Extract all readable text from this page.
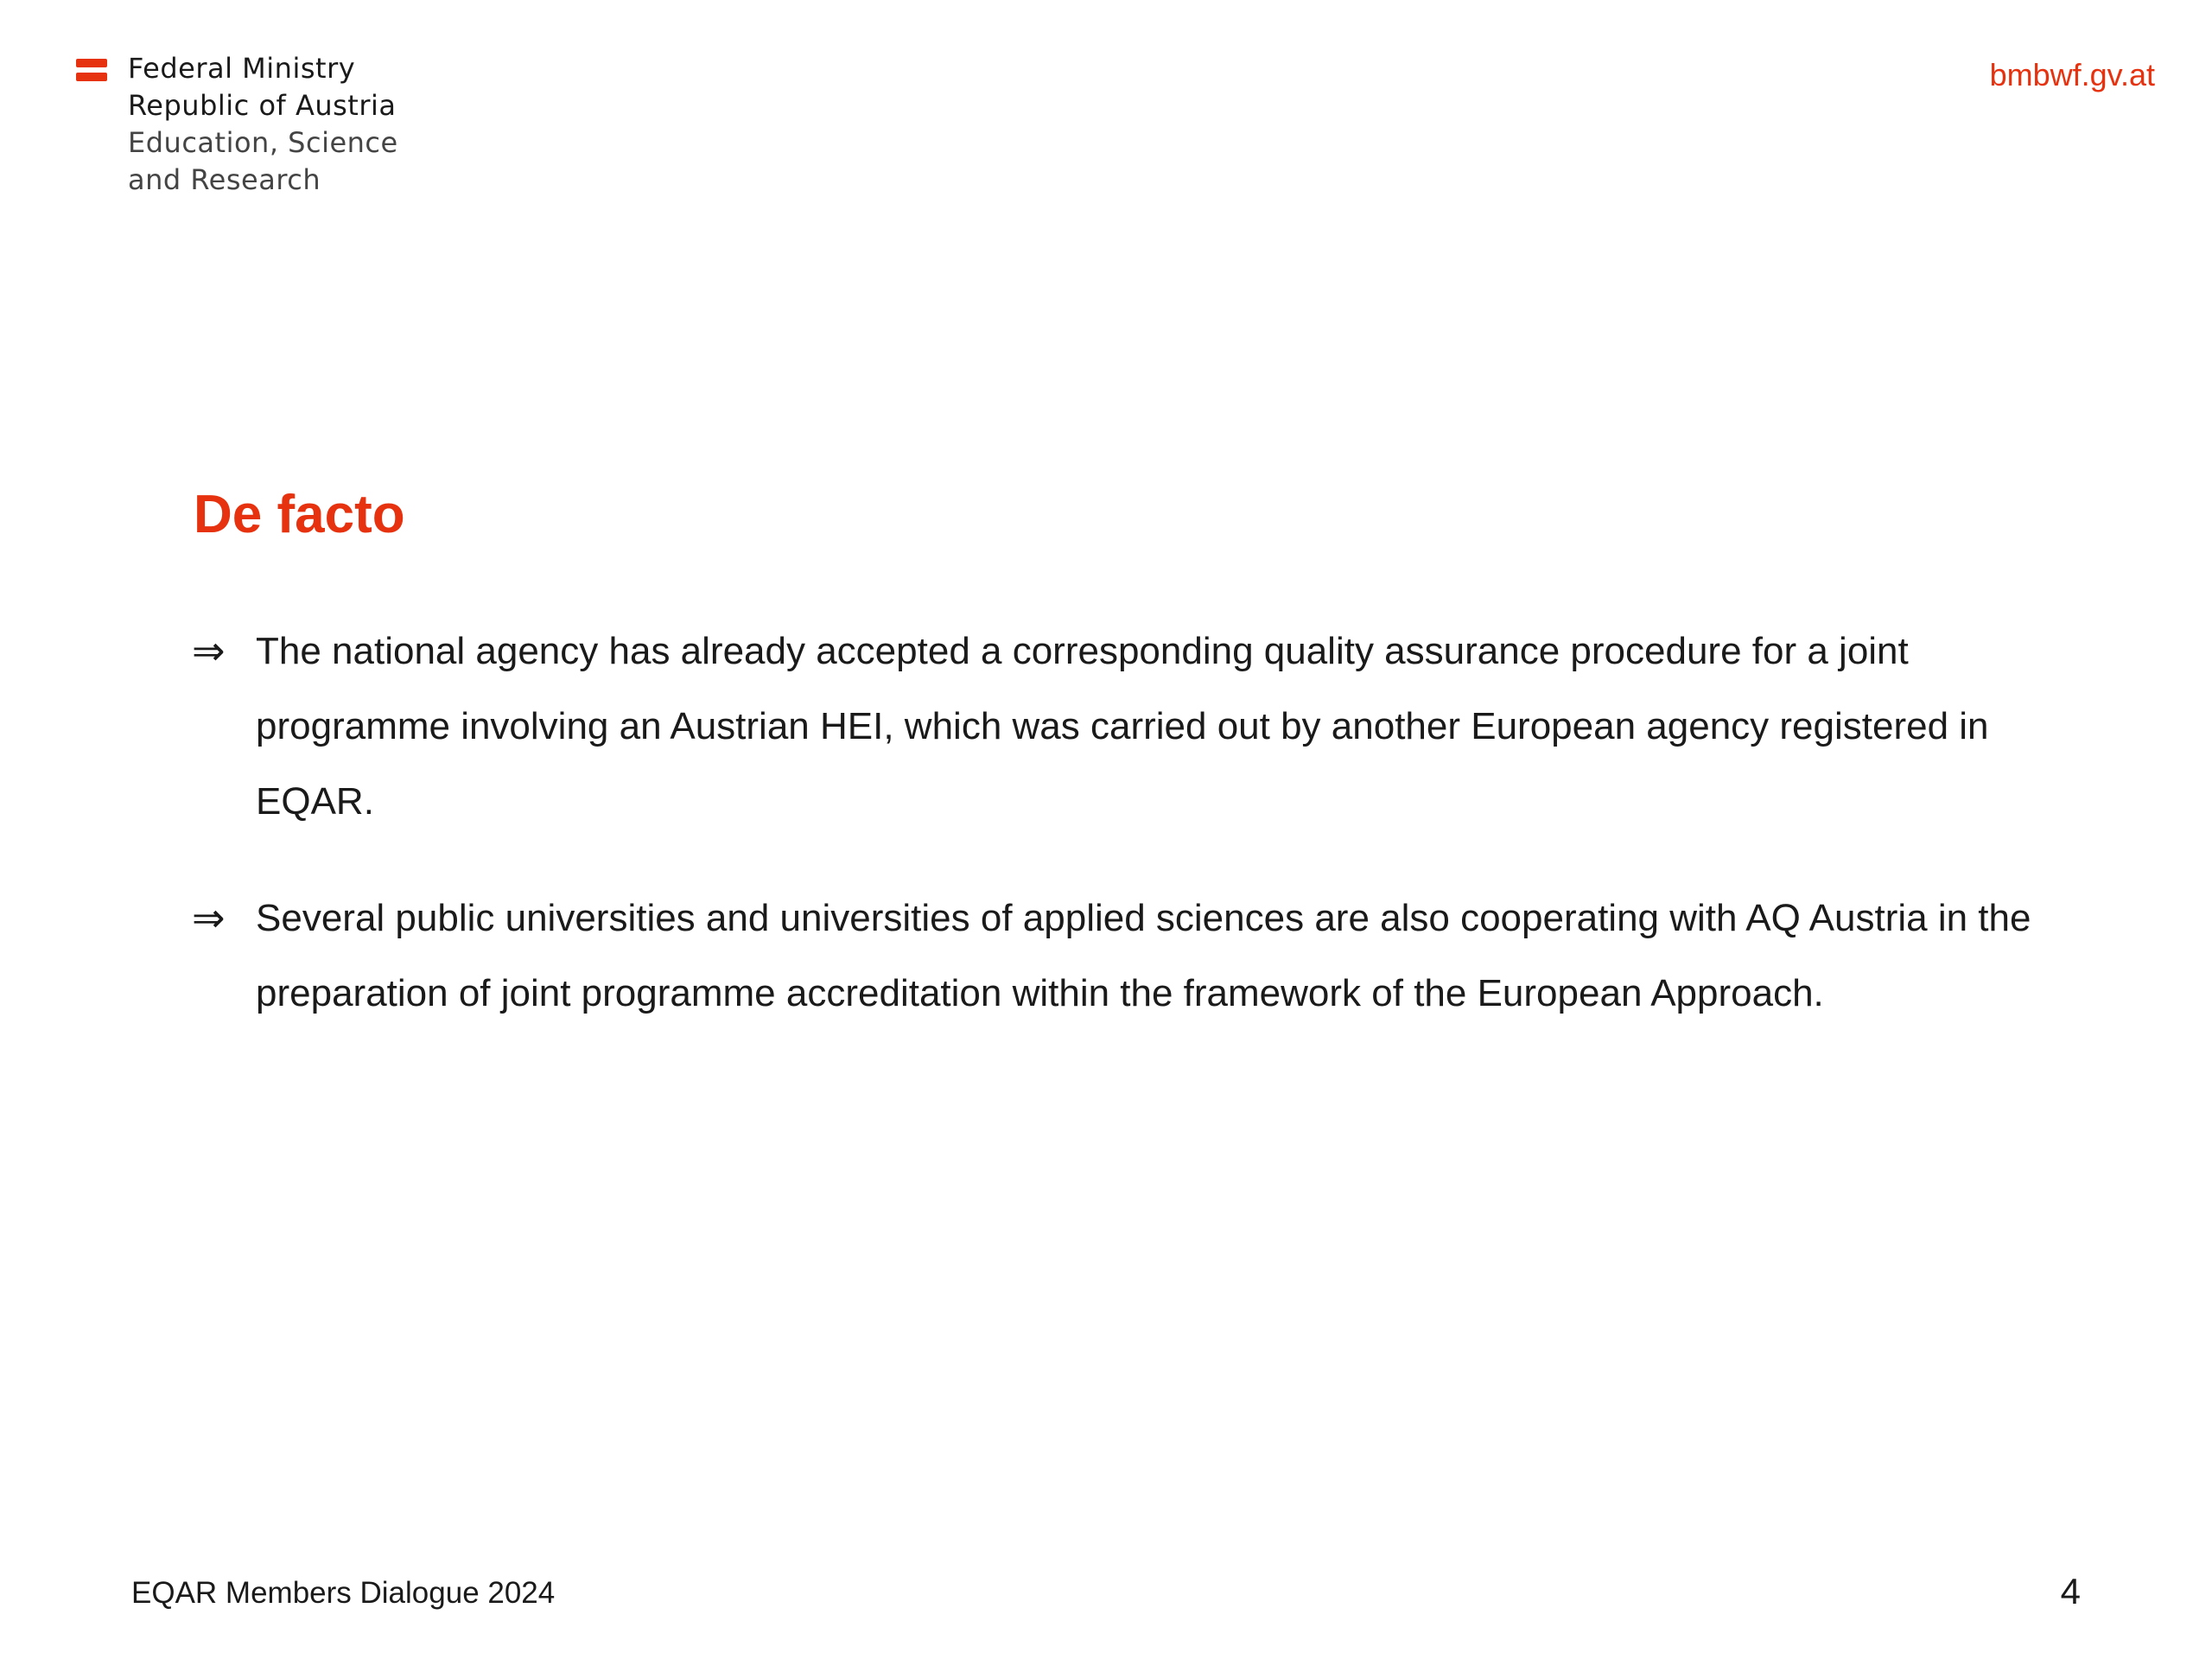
Federal Ministry
Republic of Austria
Education, Science
and Research
bmbwf.gv.at
De facto
⇒ The national agency has already accepted a corresponding quality assurance procedure for a joint programme involving an Austrian HEI, which was carried out by another European agency registered in EQAR.
⇒ Several public universities and universities of applied sciences are also cooperating with AQ Austria in the preparation of joint programme accreditation within the framework of the European Approach.
EQAR Members Dialogue 2024	4
